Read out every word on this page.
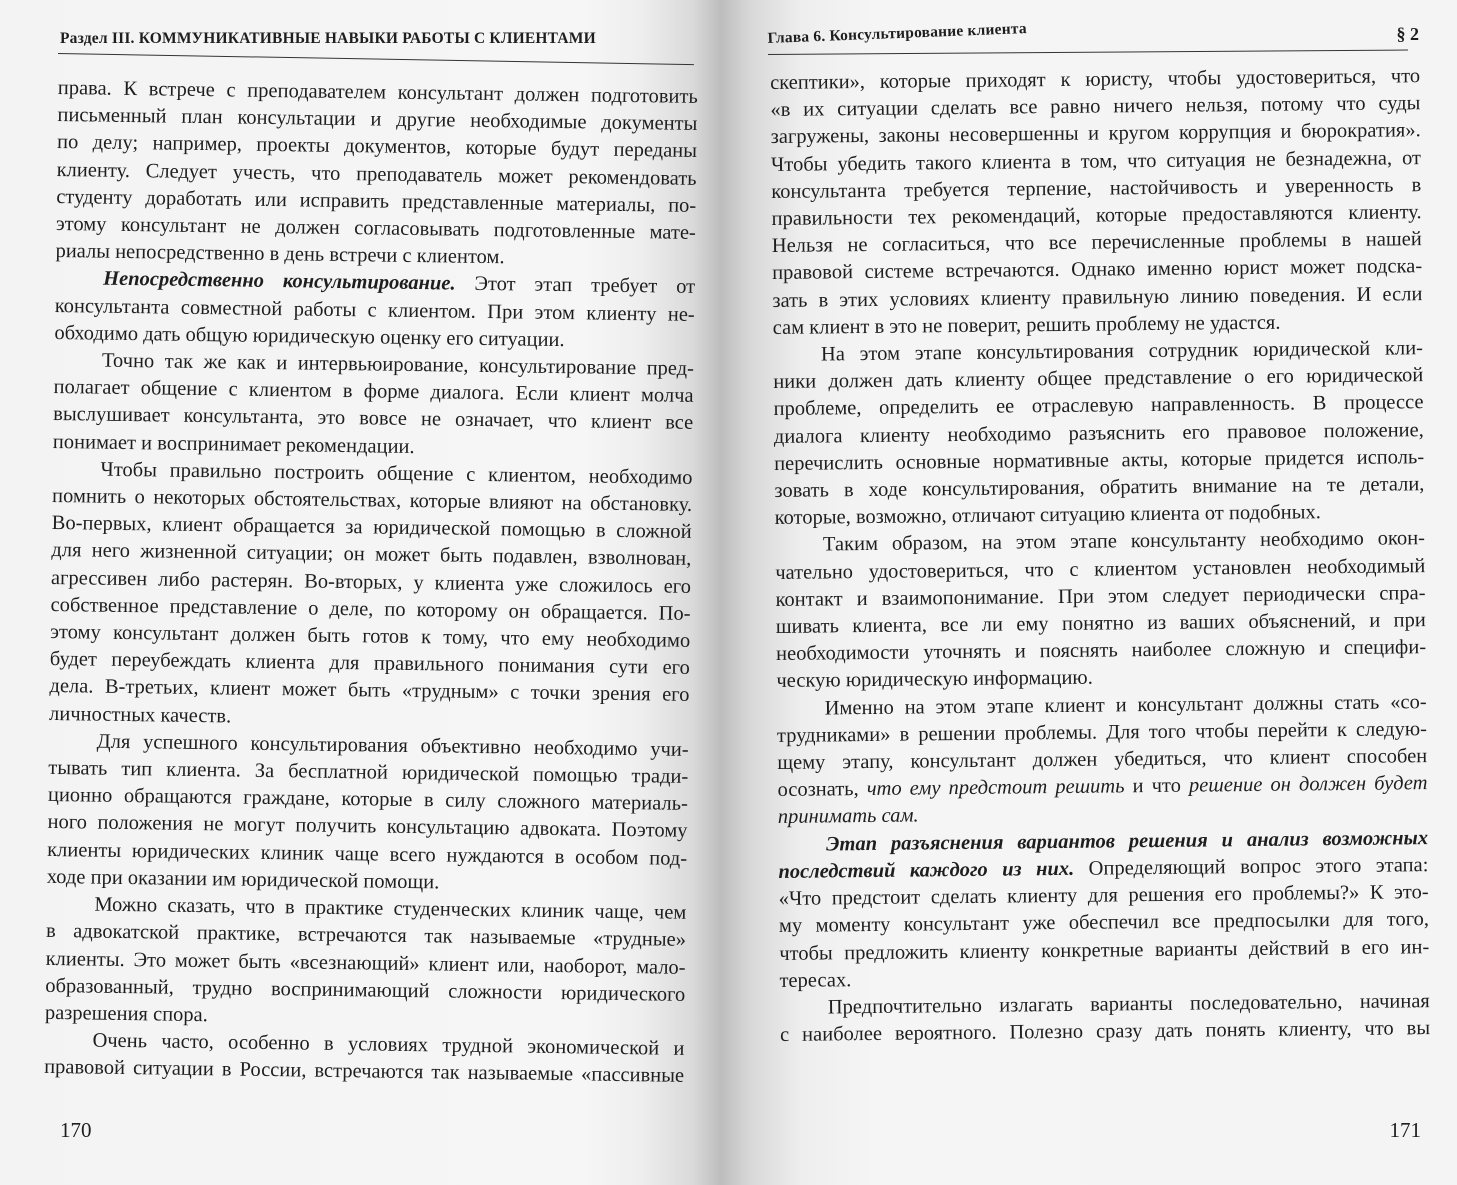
Раздел III. КОММУНИКАТИВНЫЕ НАВЫКИ РАБОТЫ С КЛИЕНТАМИ
права. К встрече с преподавателем консультант должен подготовить
письменный план консультации и другие необходимые документы
по делу; например, проекты документов, которые будут переданы
клиенту. Следует учесть, что преподаватель может рекомендовать
студенту доработать или исправить представленные материалы, по-
этому консультант не должен согласовывать подготовленные мате-
риалы непосредственно в день встречи с клиентом.
Непосредственно консультирование. Этот этап требует от
консультанта совместной работы с клиентом. При этом клиенту не-
обходимо дать общую юридическую оценку его ситуации.
Точно так же как и интервьюирование, консультирование пред-
полагает общение с клиентом в форме диалога. Если клиент молча
выслушивает консультанта, это вовсе не означает, что клиент все
понимает и воспринимает рекомендации.
Чтобы правильно построить общение с клиентом, необходимо
помнить о некоторых обстоятельствах, которые влияют на обстановку.
Во-первых, клиент обращается за юридической помощью в сложной
для него жизненной ситуации; он может быть подавлен, взволнован,
агрессивен либо растерян. Во-вторых, у клиента уже сложилось его
собственное представление о деле, по которому он обращается. По-
этому консультант должен быть готов к тому, что ему необходимо
будет переубеждать клиента для правильного понимания сути его
дела. В-третьих, клиент может быть «трудным» с точки зрения его
личностных качеств.
Для успешного консультирования объективно необходимо учи-
тывать тип клиента. За бесплатной юридической помощью тради-
ционно обращаются граждане, которые в силу сложного материаль-
ного положения не могут получить консультацию адвоката. Поэтому
клиенты юридических клиник чаще всего нуждаются в особом под-
ходе при оказании им юридической помощи.
Можно сказать, что в практике студенческих клиник чаще, чем
в адвокатской практике, встречаются так называемые «трудные»
клиенты. Это может быть «всезнающий» клиент или, наоборот, мало-
образованный, трудно воспринимающий сложности юридического
разрешения спора.
Очень часто, особенно в условиях трудной экономической и
правовой ситуации в России, встречаются так называемые «пассивные
170
Глава 6. Консультирование клиента	§ 2
скептики», которые приходят к юристу, чтобы удостовериться, что
«в их ситуации сделать все равно ничего нельзя, потому что суды
загружены, законы несовершенны и кругом коррупция и бюрократия».
Чтобы убедить такого клиента в том, что ситуация не безнадежна, от
консультанта требуется терпение, настойчивость и уверенность в
правильности тех рекомендаций, которые предоставляются клиенту.
Нельзя не согласиться, что все перечисленные проблемы в нашей
правовой системе встречаются. Однако именно юрист может подска-
зать в этих условиях клиенту правильную линию поведения. И если
сам клиент в это не поверит, решить проблему не удастся.
На этом этапе консультирования сотрудник юридической кли-
ники должен дать клиенту общее представление о его юридической
проблеме, определить ее отраслевую направленность. В процессе
диалога клиенту необходимо разъяснить его правовое положение,
перечислить основные нормативные акты, которые придется исполь-
зовать в ходе консультирования, обратить внимание на те детали,
которые, возможно, отличают ситуацию клиента от подобных.
Таким образом, на этом этапе консультанту необходимо окон-
чательно удостовериться, что с клиентом установлен необходимый
контакт и взаимопонимание. При этом следует периодически спра-
шивать клиента, все ли ему понятно из ваших объяснений, и при
необходимости уточнять и пояснять наиболее сложную и специфи-
ческую юридическую информацию.
Именно на этом этапе клиент и консультант должны стать «со-
трудниками» в решении проблемы. Для того чтобы перейти к следую-
щему этапу, консультант должен убедиться, что клиент способен
осознать, что ему предстоит решить и что решение он должен будет
принимать сам.
Этап разъяснения вариантов решения и анализ возможных
последствий каждого из них. Определяющий вопрос этого этапа:
«Что предстоит сделать клиенту для решения его проблемы?» К это-
му моменту консультант уже обеспечил все предпосылки для того,
чтобы предложить клиенту конкретные варианты действий в его ин-
тересах.
Предпочтительно излагать варианты последовательно, начиная
с наиболее вероятного. Полезно сразу дать понять клиенту, что вы
171
